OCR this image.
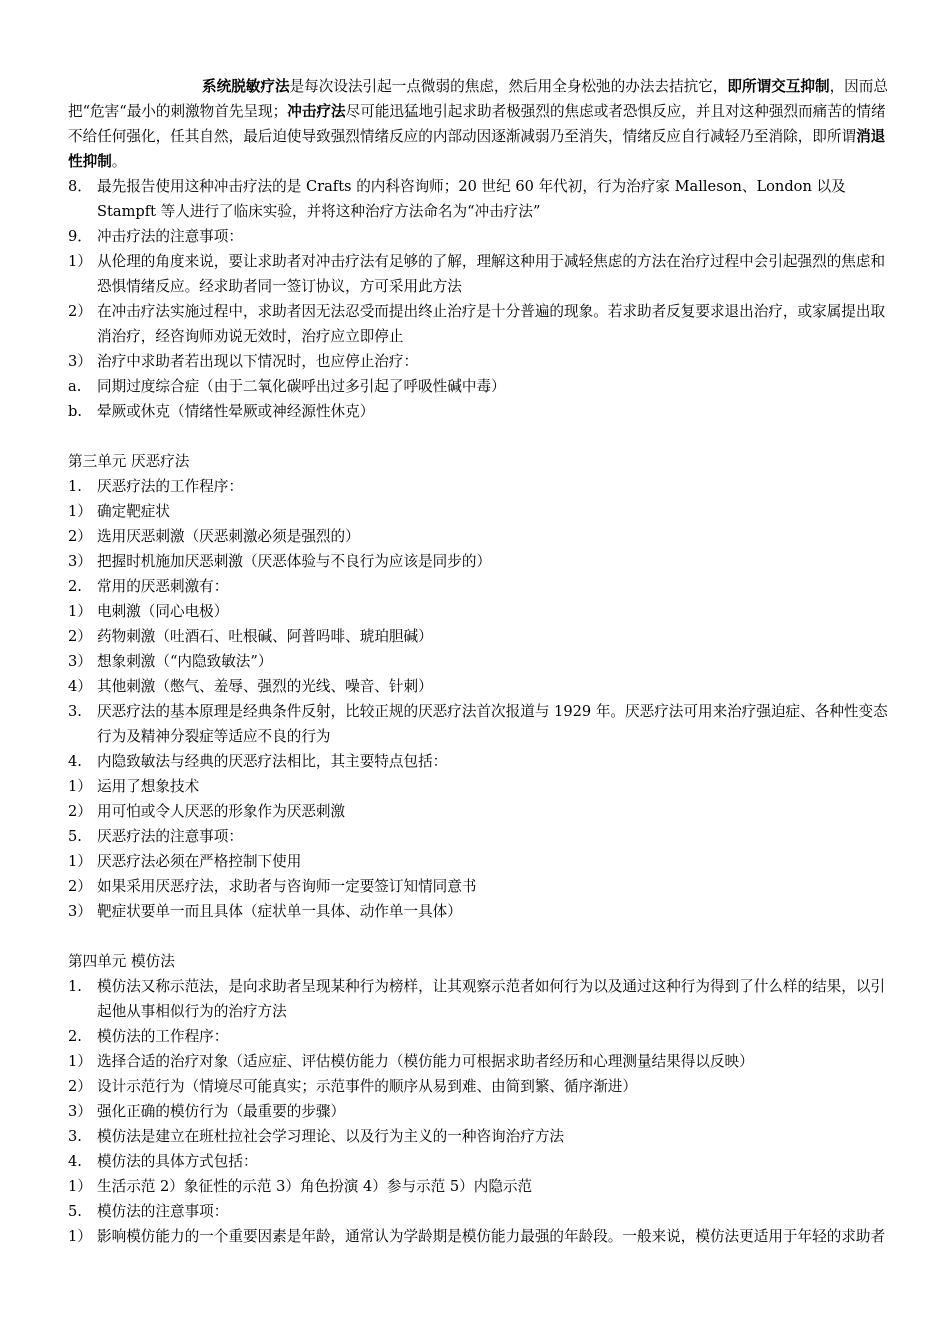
系统脱敏疗法是每次设法引起一点微弱的焦虑，然后用全身松弛的办法去拮抗它，即所谓交互抑制，因而总把“危害“最小的刺激物首先呈现；冲击疗法尽可能迅猛地引起求助者极强烈的焦虑或者恐惧反应，并且对这种强烈而痛苦的情绪不给任何强化，任其自然，最后迫使导致强烈情绪反应的内部动因逐渐减弱乃至消失，情绪反应自行减轻乃至消除，即所谓消退性抑制。

8． 最先报告使用这种冲击疗法的是 Crafts 的内科咨询师；20 世纪 60 年代初，行为治疗家 Malleson、London 以及 Stampft 等人进行了临床实验，并将这种治疗方法命名为“冲击疗法”
9． 冲击疗法的注意事项：
1） 从伦理的角度来说，要让求助者对冲击疗法有足够的了解，理解这种用于减轻焦虑的方法在治疗过程中会引起强烈的焦虑和恐惧情绪反应。经求助者同一签订协议，方可采用此方法
2） 在冲击疗法实施过程中，求助者因无法忍受而提出终止治疗是十分普遍的现象。若求助者反复要求退出治疗，或家属提出取消治疗，经咨询师劝说无效时，治疗应立即停止
3） 治疗中求助者若出现以下情况时，也应停止治疗：
a.	同期过度综合症（由于二氧化碳呼出过多引起了呼吸性碱中毒）
b.	晕厥或休克（情绪性晕厥或神经源性休克）

第三单元 厌恶疗法

1.	厌恶疗法的工作程序：
1） 确定靶症状
2） 选用厌恶刺激（厌恶刺激必须是强烈的）
3） 把握时机施加厌恶刺激（厌恶体验与不良行为应该是同步的）
2.	常用的厌恶刺激有：
1） 电刺激（同心电极）
2） 药物刺激（吐酒石、吐根碱、阿普吗啡、琥珀胆碱）
3） 想象刺激（“内隐致敏法”）
4） 其他刺激（憋气、羞辱、强烈的光线、噪音、针刺）
3.	厌恶疗法的基本原理是经典条件反射，比较正规的厌恶疗法首次报道与 1929 年。厌恶疗法可用来治疗强迫症、各种性变态行为及精神分裂症等适应不良的行为
4.	内隐致敏法与经典的厌恶疗法相比，其主要特点包括：
1） 运用了想象技术
2） 用可怕或令人厌恶的形象作为厌恶刺激
5.	厌恶疗法的注意事项：
1） 厌恶疗法必须在严格控制下使用
2） 如果采用厌恶疗法，求助者与咨询师一定要签订知情同意书
3） 靶症状要单一而且具体（症状单一具体、动作单一具体）

第四单元 模仿法

1.	模仿法又称示范法，是向求助者呈现某种行为榜样，让其观察示范者如何行为以及通过这种行为得到了什么样的结果，以引起他从事相似行为的治疗方法
2.	模仿法的工作程序：
1） 选择合适的治疗对象（适应症、评估模仿能力（模仿能力可根据求助者经历和心理测量结果得以反映）
2） 设计示范行为（情境尽可能真实；示范事件的顺序从易到难、由简到繁、循序渐进）
3） 强化正确的模仿行为（最重要的步骤）
3.	模仿法是建立在班杜拉社会学习理论、以及行为主义的一种咨询治疗方法
4.	模仿法的具体方式包括：
1） 生活示范 2）象征性的示范 3）角色扮演 4）参与示范 5）内隐示范
5.	模仿法的注意事项：
1） 影响模仿能力的一个重要因素是年龄，通常认为学龄期是模仿能力最强的年龄段。一般来说，模仿法更适用于年轻的求助者
